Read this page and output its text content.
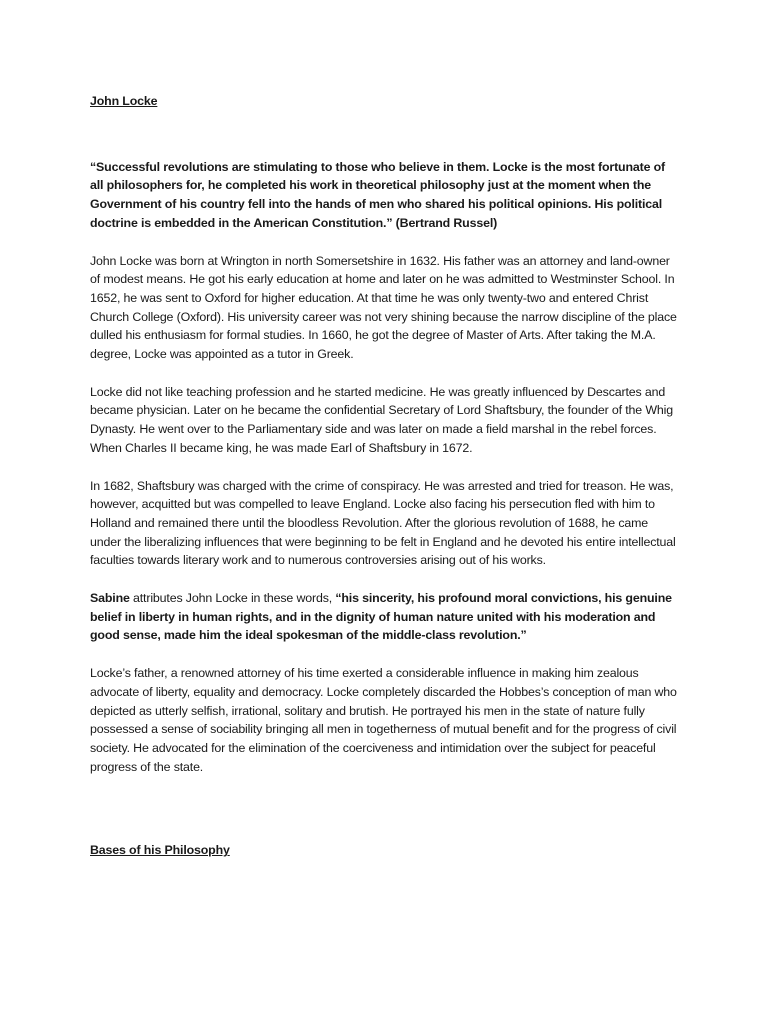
John Locke

“Successful revolutions are stimulating to those who believe in them. Locke is the most fortunate of all philosophers for, he completed his work in theoretical philosophy just at the moment when the Government of his country fell into the hands of men who shared his political opinions. His political doctrine is embedded in the American Constitution.” (Bertrand Russel)

John Locke was born at Wrington in north Somersetshire in 1632. His father was an attorney and land-owner of modest means. He got his early education at home and later on he was admitted to Westminster School. In 1652, he was sent to Oxford for higher education. At that time he was only twenty-two and entered Christ Church College (Oxford). His university career was not very shining because the narrow discipline of the place dulled his enthusiasm for formal studies. In 1660, he got the degree of Master of Arts. After taking the M.A. degree, Locke was appointed as a tutor in Greek.

Locke did not like teaching profession and he started medicine. He was greatly influenced by Descartes and became physician. Later on he became the confidential Secretary of Lord Shaftsbury, the founder of the Whig Dynasty. He went over to the Parliamentary side and was later on made a field marshal in the rebel forces. When Charles II became king, he was made Earl of Shaftsbury in 1672.

In 1682, Shaftsbury was charged with the crime of conspiracy. He was arrested and tried for treason. He was, however, acquitted but was compelled to leave England. Locke also facing his persecution fled with him to Holland and remained there until the bloodless Revolution. After the glorious revolution of 1688, he came under the liberalizing influences that were beginning to be felt in England and he devoted his entire intellectual faculties towards literary work and to numerous controversies arising out of his works.

Sabine attributes John Locke in these words, “his sincerity, his profound moral convictions, his genuine belief in liberty in human rights, and in the dignity of human nature united with his moderation and good sense, made him the ideal spokesman of the middle-class revolution.”

Locke’s father, a renowned attorney of his time exerted a considerable influence in making him zealous advocate of liberty, equality and democracy. Locke completely discarded the Hobbes’s conception of man who depicted as utterly selfish, irrational, solitary and brutish. He portrayed his men in the state of nature fully possessed a sense of sociability bringing all men in togetherness of mutual benefit and for the progress of civil society. He advocated for the elimination of the coerciveness and intimidation over the subject for peaceful progress of the state.

Bases of his Philosophy
